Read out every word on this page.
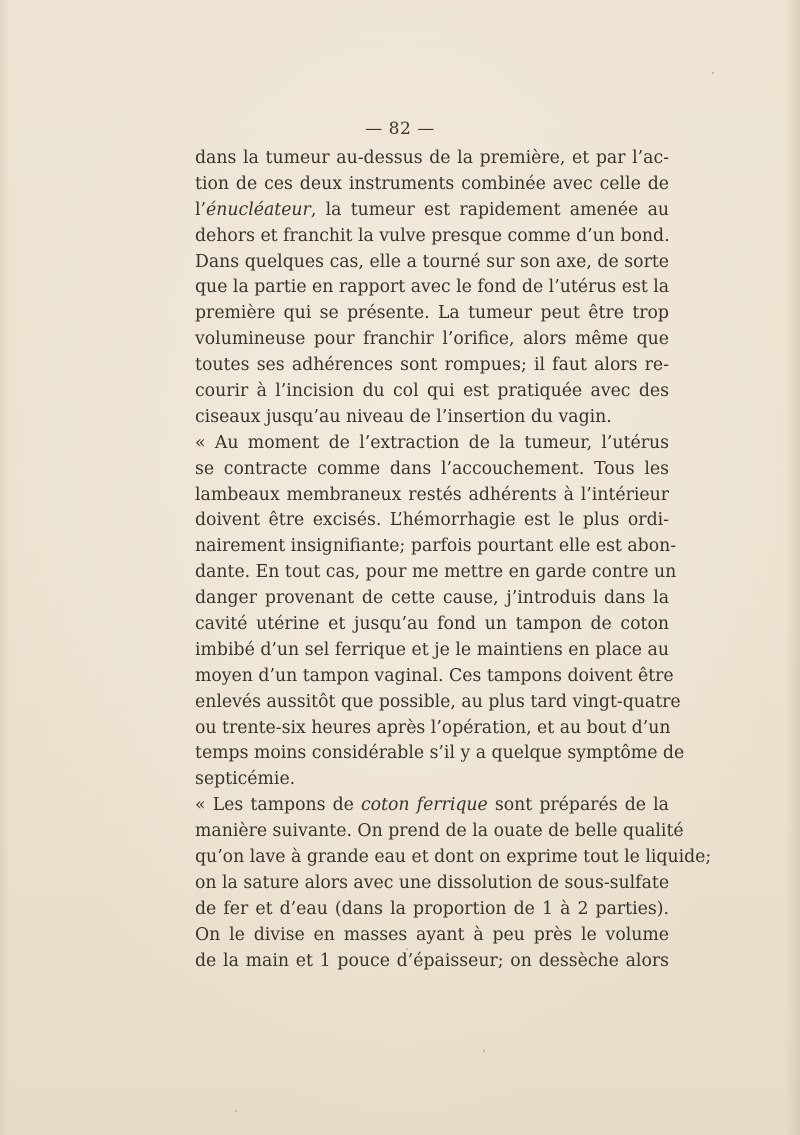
— 82 —
dans la tumeur au-dessus de la première, et par l’ac-
tion de ces deux instruments combinée avec celle de
l’énucléateur, la tumeur est rapidement amenée au
dehors et franchit la vulve presque comme d’un bond.
Dans quelques cas, elle a tourné sur son axe, de sorte
que la partie en rapport avec le fond de l’utérus est la
première qui se présente. La tumeur peut être trop
volumineuse pour franchir l’orifice, alors même que
toutes ses adhérences sont rompues; il faut alors re-
courir à l’incision du col qui est pratiquée avec des
ciseaux jusqu’au niveau de l’insertion du vagin.
« Au moment de l’extraction de la tumeur, l’utérus
se contracte comme dans l’accouchement. Tous les
lambeaux membraneux restés adhérents à l’intérieur
doivent être excisés. L’hémorrhagie est le plus ordi-
nairement insignifiante; parfois pourtant elle est abon-
dante. En tout cas, pour me mettre en garde contre un
danger provenant de cette cause, j’introduis dans la
cavité utérine et jusqu’au fond un tampon de coton
imbibé d’un sel ferrique et je le maintiens en place au
moyen d’un tampon vaginal. Ces tampons doivent être
enlevés aussitôt que possible, au plus tard vingt-quatre
ou trente-six heures après l’opération, et au bout d’un
temps moins considérable s’il y a quelque symptôme de
septicémie.
« Les tampons de coton ferrique sont préparés de la
manière suivante. On prend de la ouate de belle qualité
qu’on lave à grande eau et dont on exprime tout le liquide;
on la sature alors avec une dissolution de sous-sulfate
de fer et d’eau (dans la proportion de 1 à 2 parties).
On le divise en masses ayant à peu près le volume
de la main et 1 pouce d’épaisseur; on dessèche alors
